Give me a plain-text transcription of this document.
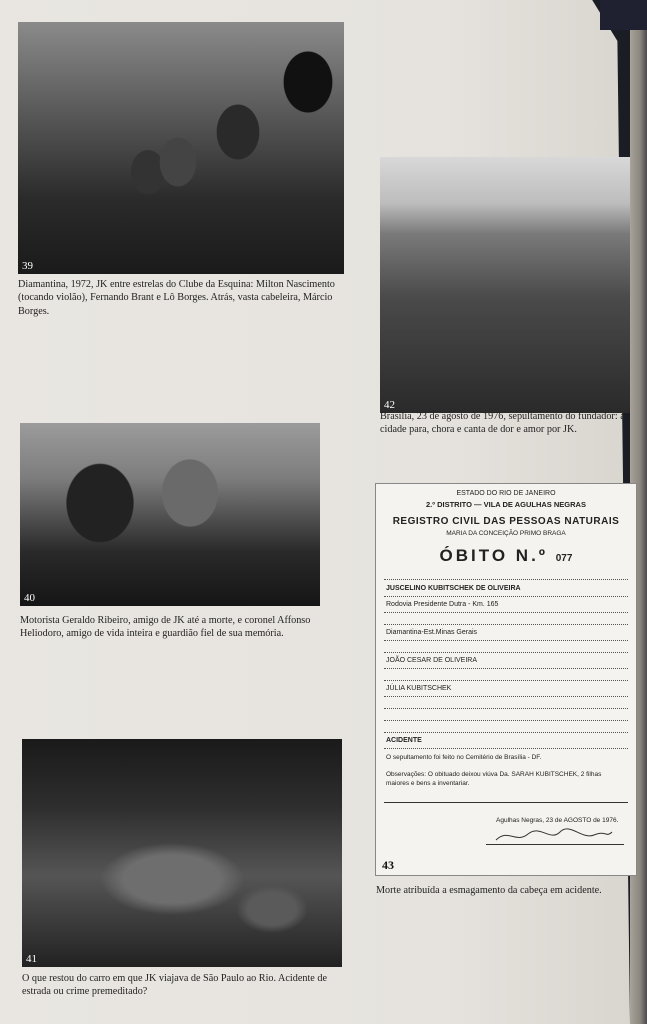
39
Diamantina, 1972, JK entre estrelas do Clube da Esquina: Milton Nascimento (tocando violão), Fernando Brant e Lô Borges. Atrás, vasta cabeleira, Márcio Borges.
42
Brasília, 23 de agosto de 1976, sepultamento do fundador: a cidade para, chora e canta de dor e amor por JK.
40
Motorista Geraldo Ribeiro, amigo de JK até a morte, e coronel Affonso Heliodoro, amigo de vida inteira e guardião fiel de sua memória.
41
O que restou do carro em que JK viajava de São Paulo ao Rio. Acidente de estrada ou crime premeditado?
ESTADO DO RIO DE JANEIRO
2.º DISTRITO — VILA DE AGULHAS NEGRAS
REGISTRO CIVIL DAS PESSOAS NATURAIS
MARIA DA CONCEIÇÃO PRIMO BRAGA
ÓBITO N.º 077
JUSCELINO KUBITSCHEK DE OLIVEIRA
Rodovia Presidente Dutra - Km. 165
Diamantina-Est.Minas Gerais
JOÃO CESAR DE OLIVEIRA
JÚLIA KUBITSCHEK
ACIDENTE
O sepultamento foi feito no Cemitério de Brasília - DF.
Observações: O obituado deixou viúva Da. SARAH KUBITSCHEK, 2 filhas maiores e bens a inventariar.
Agulhas Negras, 23 de AGOSTO de 1976.
43
Morte atribuída a esmagamento da cabeça em acidente.
